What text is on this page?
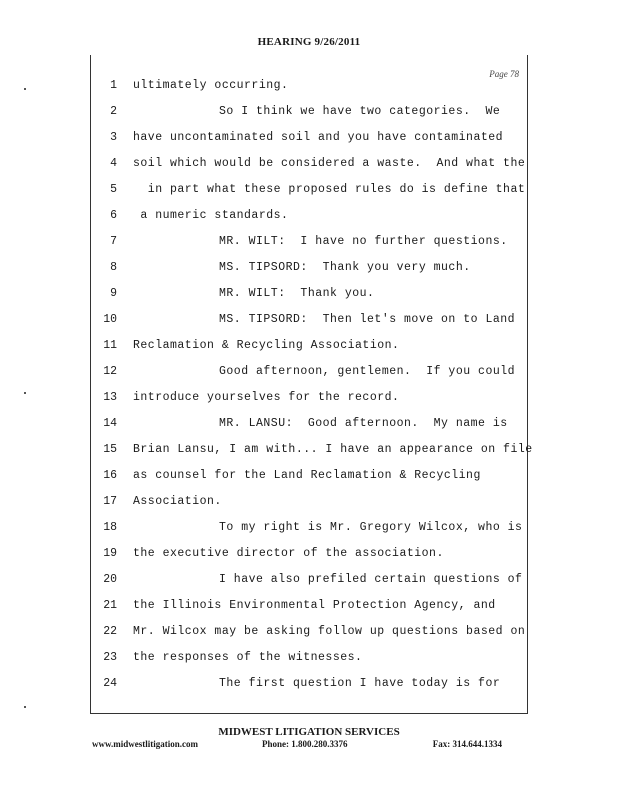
HEARING 9/26/2011
Page 78
1 ultimately occurring.
2	So I think we have two categories.  We
3 have uncontaminated soil and you have contaminated
4 soil which would be considered a waste.  And what the
5 in part what these proposed rules do is define that
6 a numeric standards.
7	MR. WILT:  I have no further questions.
8	MS. TIPSORD:  Thank you very much.
9	MR. WILT:  Thank you.
10	MS. TIPSORD:  Then let's move on to Land
11 Reclamation & Recycling Association.
12	Good afternoon, gentlemen.  If you could
13 introduce yourselves for the record.
14	MR. LANSU:  Good afternoon.  My name is
15 Brian Lansu, I am with... I have an appearance on file
16 as counsel for the Land Reclamation & Recycling
17 Association.
18	To my right is Mr. Gregory Wilcox, who is
19 the executive director of the association.
20	I have also prefiled certain questions of
21 the Illinois Environmental Protection Agency, and
22 Mr. Wilcox may be asking follow up questions based on
23 the responses of the witnesses.
24	The first question I have today is for
MIDWEST LITIGATION SERVICES
www.midwestlitigation.com	Phone: 1.800.280.3376	Fax: 314.644.1334
